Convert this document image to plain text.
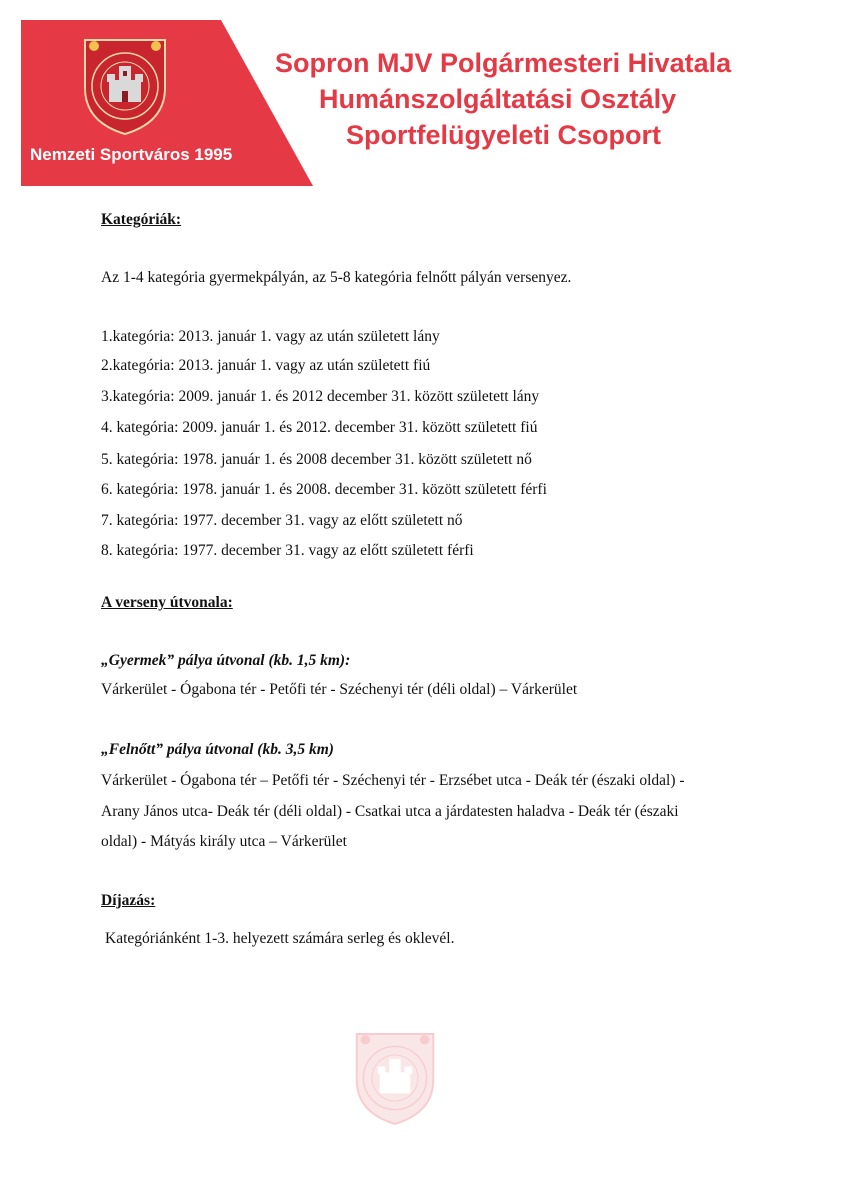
Nemzeti Sportváros 1995
Sopron MJV Polgármesteri Hivatala
Humánszolgáltatási Osztály
Sportfelügyeleti Csoport
Kategóriák:
Az 1-4 kategória gyermekpályán, az 5-8 kategória felnőtt pályán versenyez.
1.kategória: 2013. január 1. vagy az után született lány
2.kategória: 2013. január 1. vagy az után született fiú
3.kategória: 2009. január 1. és 2012 december 31. között született lány
4. kategória: 2009. január 1. és 2012. december 31. között született fiú
5. kategória: 1978. január 1. és 2008 december 31. között született nő
6. kategória: 1978. január 1. és 2008. december 31. között született férfi
7. kategória: 1977. december 31. vagy az előtt született nő
8. kategória: 1977. december 31. vagy az előtt született férfi
A verseny útvonala:
„Gyermek” pálya útvonal (kb. 1,5 km):
Várkerület - Ógabona tér - Petőfi tér - Széchenyi tér (déli oldal) – Várkerület
„Felnőtt” pálya útvonal (kb. 3,5 km)
Várkerület - Ógabona tér – Petőfi tér - Széchenyi tér - Erzsébet utca - Deák tér (északi oldal) -
Arany János utca- Deák tér (déli oldal) - Csatkai utca a járdatesten haladva - Deák tér (északi
oldal) - Mátyás király utca – Várkerület
Díjazás:
Kategóriánként 1-3. helyezett számára serleg és oklevél.
